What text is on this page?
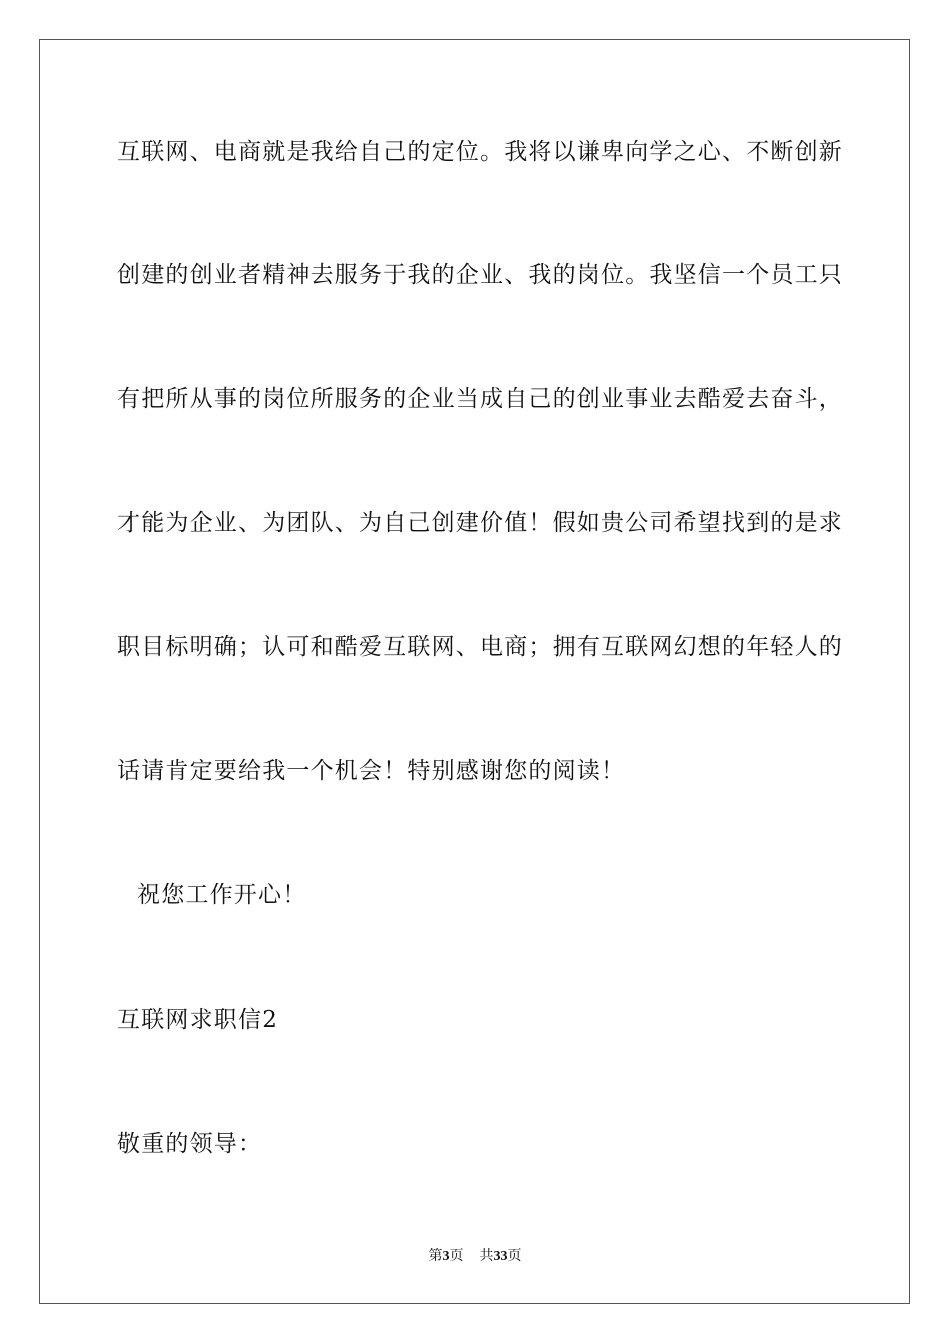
互联网、电商就是我给自己的定位。我将以谦卑向学之心、不断创新
创建的创业者精神去服务于我的企业、我的岗位。我坚信一个员工只
有把所从事的岗位所服务的企业当成自己的创业事业去酷爱去奋斗，
才能为企业、为团队、为自己创建价值！假如贵公司希望找到的是求
职目标明确；认可和酷爱互联网、电商；拥有互联网幻想的年轻人的
话请肯定要给我一个机会！特别感谢您的阅读！
祝您工作开心！
互联网求职信2
敬重的领导：
第3页 共33页
